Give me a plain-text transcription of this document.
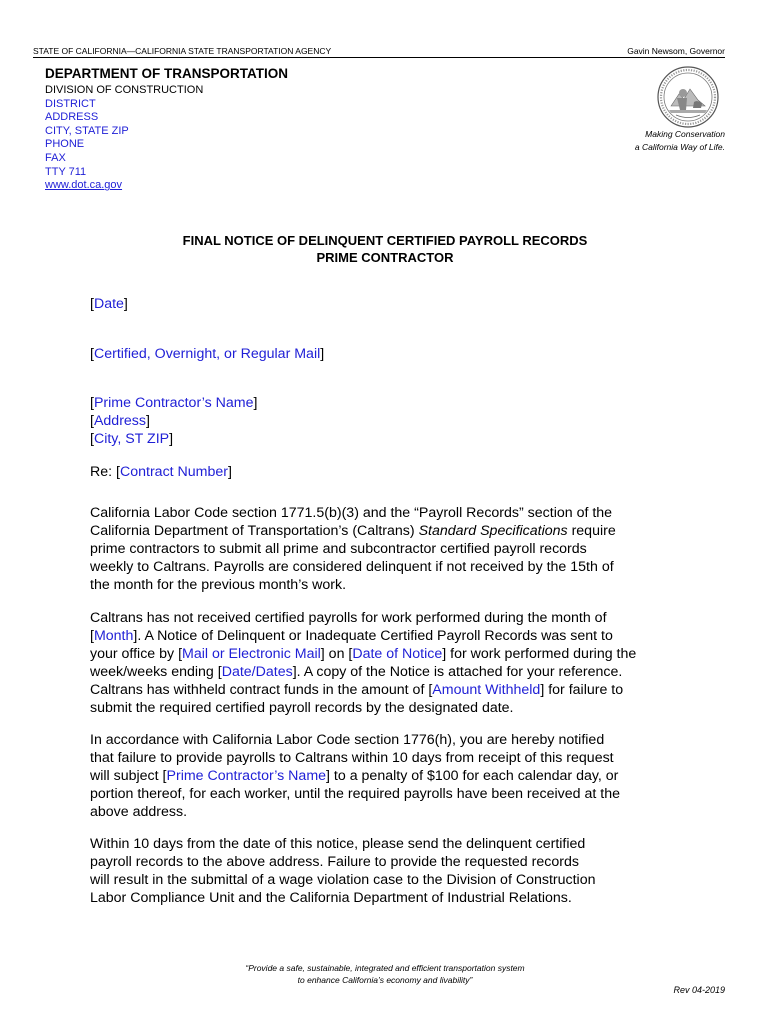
STATE OF CALIFORNIA—CALIFORNIA STATE TRANSPORTATION AGENCY	Gavin Newsom, Governor
DEPARTMENT OF TRANSPORTATION
DIVISION OF CONSTRUCTION
DISTRICT
ADDRESS
CITY, STATE ZIP
PHONE
FAX
TTY 711
www.dot.ca.gov
Making Conservation
a California Way of Life.
FINAL NOTICE OF DELINQUENT CERTIFIED PAYROLL RECORDS
PRIME CONTRACTOR
[Date]
[Certified, Overnight, or Regular Mail]
[Prime Contractor’s Name]
[Address]
[City, ST ZIP]
Re: [Contract Number]
California Labor Code section 1771.5(b)(3) and the “Payroll Records” section of the
California Department of Transportation’s (Caltrans) Standard Specifications require
prime contractors to submit all prime and subcontractor certified payroll records
weekly to Caltrans. Payrolls are considered delinquent if not received by the 15th of
the month for the previous month’s work.
Caltrans has not received certified payrolls for work performed during the month of
[Month]. A Notice of Delinquent or Inadequate Certified Payroll Records was sent to
your office by [Mail or Electronic Mail] on [Date of Notice] for work performed during the
week/weeks ending [Date/Dates]. A copy of the Notice is attached for your reference.
Caltrans has withheld contract funds in the amount of [Amount Withheld] for failure to
submit the required certified payroll records by the designated date.
In accordance with California Labor Code section 1776(h), you are hereby notified
that failure to provide payrolls to Caltrans within 10 days from receipt of this request
will subject [Prime Contractor’s Name] to a penalty of $100 for each calendar day, or
portion thereof, for each worker, until the required payrolls have been received at the
above address.
Within 10 days from the date of this notice, please send the delinquent certified
payroll records to the above address. Failure to provide the requested records
will result in the submittal of a wage violation case to the Division of Construction
Labor Compliance Unit and the California Department of Industrial Relations.
“Provide a safe, sustainable, integrated and efficient transportation system
to enhance California’s economy and livability”
Rev 04-2019
